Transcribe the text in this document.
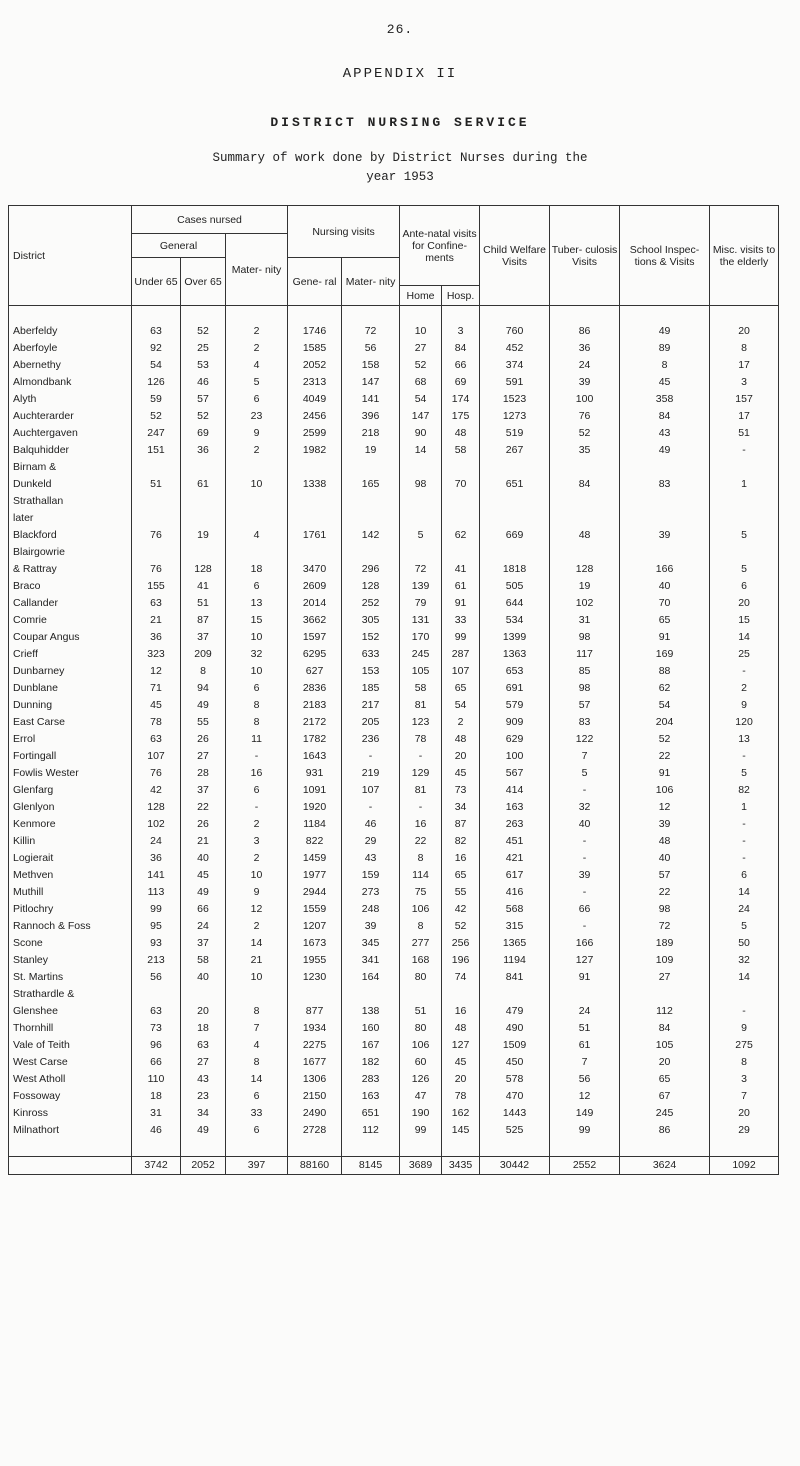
26.
APPENDIX II
DISTRICT NURSING SERVICE
Summary of work done by District Nurses during the
year 1953
District	Cases nursed			Nursing visits		Ante-natal visits for Confine- ments		Child Welfare Visits	Tuber- culosis Visits	School Inspec- tions & Visits	Misc. visits to the elderly
	General		Mater- nity								
	Under 65	Over 65		Gene- ral	Mater- nity						
						Home	Hosp.				

Aberfeldy	63	52	2	1746	72	10	3	760	86	49	20
Aberfoyle	92	25	2	1585	56	27	84	452	36	89	8
Abernethy	54	53	4	2052	158	52	66	374	24	8	17
Almondbank	126	46	5	2313	147	68	69	591	39	45	3
Alyth	59	57	6	4049	141	54	174	1523	100	358	157
Auchterarder	52	52	23	2456	396	147	175	1273	76	84	17
Auchtergaven	247	69	9	2599	218	90	48	519	52	43	51
Balquhidder	151	36	2	1982	19	14	58	267	35	49	-
Birnam &											
Dunkeld	51	61	10	1338	165	98	70	651	84	83	1
Strathallan											
later											
Blackford	76	19	4	1761	142	5	62	669	48	39	5
Blairgowrie											
& Rattray	76	128	18	3470	296	72	41	1818	128	166	5
Braco	155	41	6	2609	128	139	61	505	19	40	6
Callander	63	51	13	2014	252	79	91	644	102	70	20
Comrie	21	87	15	3662	305	131	33	534	31	65	15
Coupar Angus	36	37	10	1597	152	170	99	1399	98	91	14
Crieff	323	209	32	6295	633	245	287	1363	117	169	25
Dunbarney	12	8	10	627	153	105	107	653	85	88	-
Dunblane	71	94	6	2836	185	58	65	691	98	62	2
Dunning	45	49	8	2183	217	81	54	579	57	54	9
East Carse	78	55	8	2172	205	123	2	909	83	204	120
Errol	63	26	11	1782	236	78	48	629	122	52	13
Fortingall	107	27	-	1643	-	-	20	100	7	22	-
Fowlis Wester	76	28	16	931	219	129	45	567	5	91	5
Glenfarg	42	37	6	1091	107	81	73	414	-	106	82
Glenlyon	128	22	-	1920	-	-	34	163	32	12	1
Kenmore	102	26	2	1184	46	16	87	263	40	39	-
Killin	24	21	3	822	29	22	82	451	-	48	-
Logierait	36	40	2	1459	43	8	16	421	-	40	-
Methven	141	45	10	1977	159	114	65	617	39	57	6
Muthill	113	49	9	2944	273	75	55	416	-	22	14
Pitlochry	99	66	12	1559	248	106	42	568	66	98	24
Rannoch & Foss	95	24	2	1207	39	8	52	315	-	72	5
Scone	93	37	14	1673	345	277	256	1365	166	189	50
Stanley	213	58	21	1955	341	168	196	1194	127	109	32
St. Martins	56	40	10	1230	164	80	74	841	91	27	14
Strathardle &											
Glenshee	63	20	8	877	138	51	16	479	24	112	-
Thornhill	73	18	7	1934	160	80	48	490	51	84	9
Vale of Teith	96	63	4	2275	167	106	127	1509	61	105	275
West Carse	66	27	8	1677	182	60	45	450	7	20	8
West Atholl	110	43	14	1306	283	126	20	578	56	65	3
Fossoway	18	23	6	2150	163	47	78	470	12	67	7
Kinross	31	34	33	2490	651	190	162	1443	149	245	20
Milnathort	46	49	6	2728	112	99	145	525	99	86	29

	3742	2052	397	88160	8145	3689	3435	30442	2552	3624	1092
